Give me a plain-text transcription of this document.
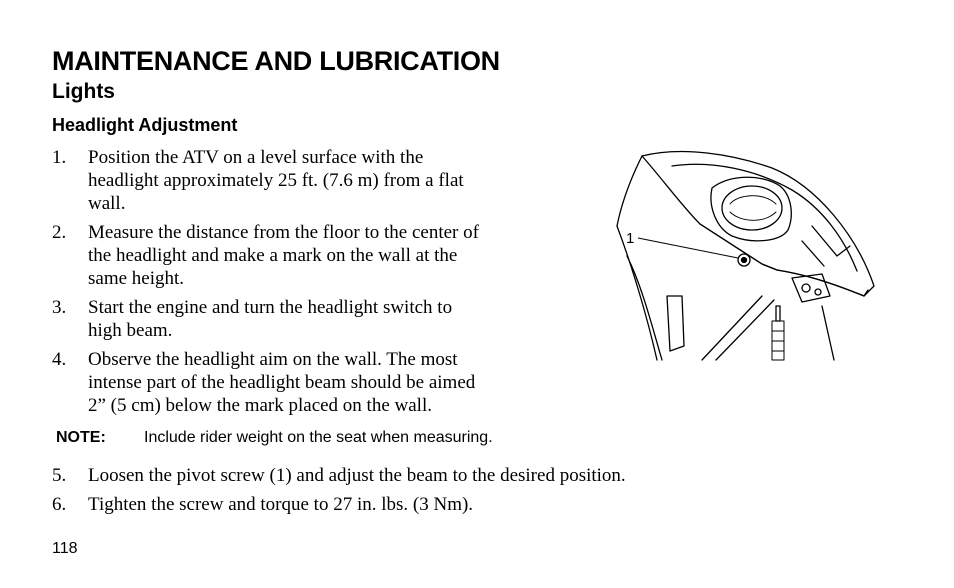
MAINTENANCE AND LUBRICATION
Lights
Headlight Adjustment
1. Position the ATV on a level surface with the
headlight approximately 25 ft. (7.6 m) from a flat
wall.
2. Measure the distance from the floor to the center of
the headlight and make a mark on the wall at the
same height.
3. Start the engine and turn the headlight switch to
high beam.
4. Observe the headlight aim on the wall. The most
intense part of the headlight beam should be aimed
2” (5 cm) below the mark placed on the wall.
NOTE: Include rider weight on the seat when measuring.
5. Loosen the pivot screw (1) and adjust the beam to the desired position.
6. Tighten the screw and torque to 27 in. lbs. (3 Nm).
1
118
